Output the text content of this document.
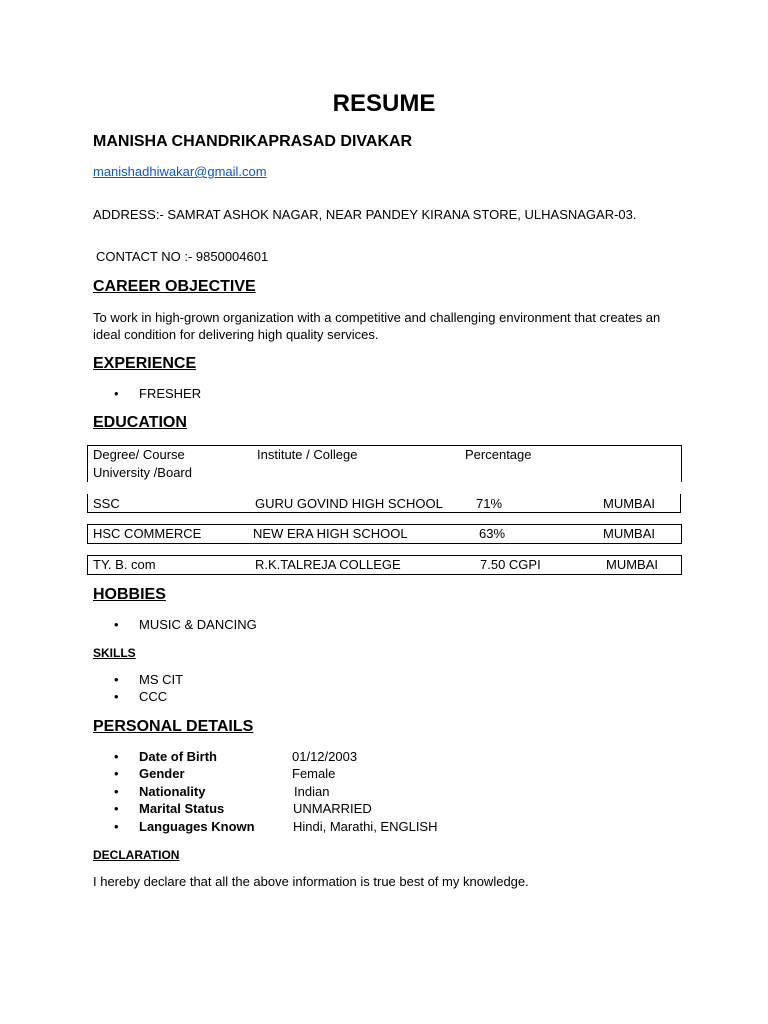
RESUME
MANISHA CHANDRIKAPRASAD DIVAKAR
manishadhiwakar@gmail.com
ADDRESS:- SAMRAT ASHOK NAGAR, NEAR PANDEY KIRANA STORE, ULHASNAGAR-03.
CONTACT NO :- 9850004601
CAREER OBJECTIVE
To work in high-grown organization with a competitive and challenging environment that creates an ideal condition for delivering high quality services.
EXPERIENCE
• FRESHER
EDUCATION
Degree/ Course	Institute / College	Percentage
University /Board
SSC	GURU GOVIND HIGH SCHOOL	71%	MUMBAI
HSC COMMERCE	NEW ERA HIGH SCHOOL	63%	MUMBAI
TY. B. com	R.K.TALREJA COLLEGE	7.50 CGPI	MUMBAI
HOBBIES
• MUSIC & DANCING
SKILLS
• MS CIT
• CCC
PERSONAL DETAILS
• Date of Birth	01/12/2003
• Gender	Female
• Nationality	Indian
• Marital Status	UNMARRIED
• Languages Known	Hindi, Marathi, ENGLISH
DECLARATION
I hereby declare that all the above information is true best of my knowledge.
